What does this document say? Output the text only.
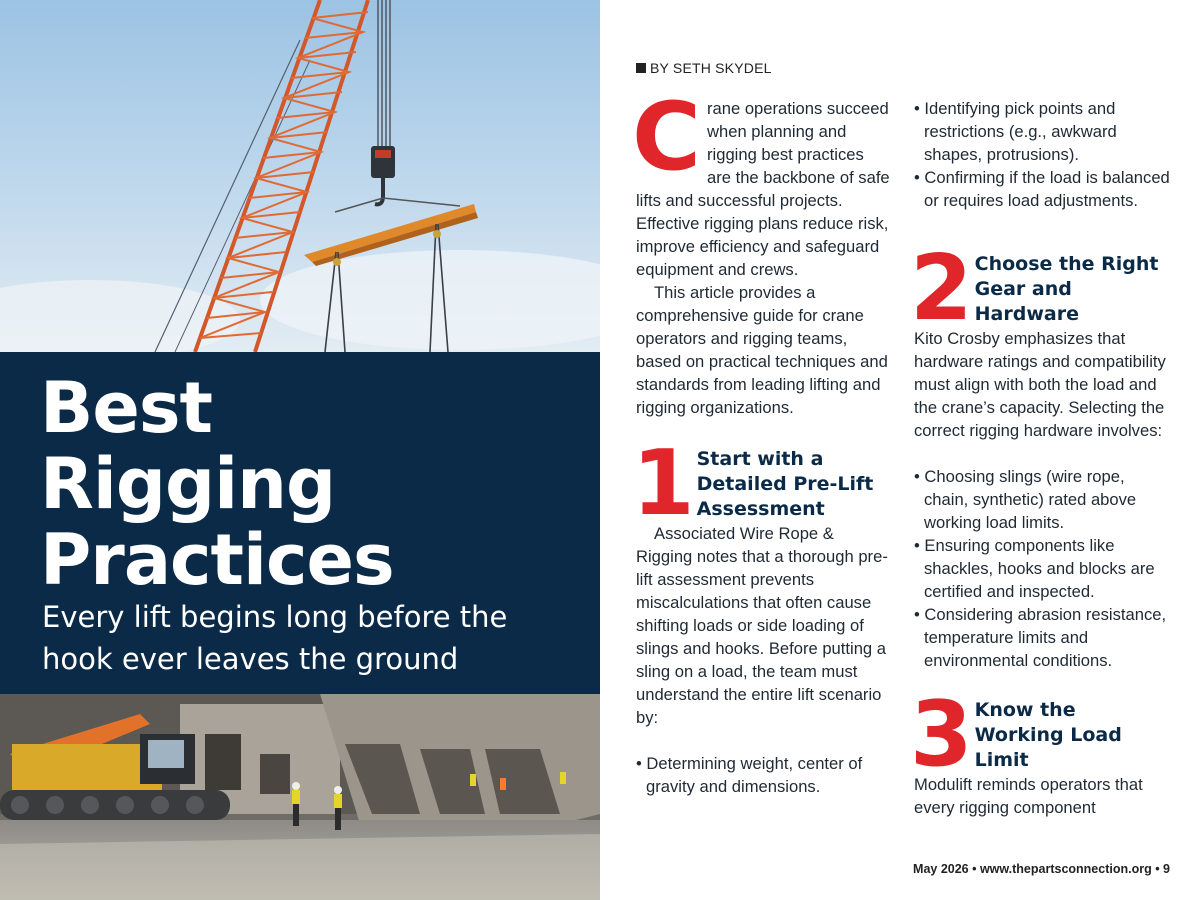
Best
Rigging
Practices
Every lift begins long before the hook ever leaves the ground
BY SETH SKYDEL
C rane operations succeed when planning and rigging best practices are the backbone of safe lifts and successful projects. Effective rigging plans reduce risk, improve efficiency and safeguard equipment and crews.

This article provides a comprehensive guide for crane operators and rigging teams, based on practical techniques and standards from leading lifting and rigging organizations.

1 Start with a Detailed Pre-Lift Assessment

Associated Wire Rope & Rigging notes that a thorough pre-lift assessment prevents miscalculations that often cause shifting loads or side loading of slings and hooks. Before putting a sling on a load, the team must understand the entire lift scenario by:

• Determining weight, center of gravity and dimensions.

• Identifying pick points and restrictions (e.g., awkward shapes, protrusions).

• Confirming if the load is balanced or requires load adjustments.

2 Choose the Right Gear and Hardware

Kito Crosby emphasizes that hardware ratings and compatibility must align with both the load and the crane’s capacity. Selecting the correct rigging hardware involves:

• Choosing slings (wire rope, chain, synthetic) rated above working load limits.

• Ensuring components like shackles, hooks and blocks are certified and inspected.

• Considering abrasion resistance, temperature limits and environmental conditions.

3 Know the Working Load Limit

Modulift reminds operators that every rigging component

May 2026 • www.thepartsconnection.org • 9
